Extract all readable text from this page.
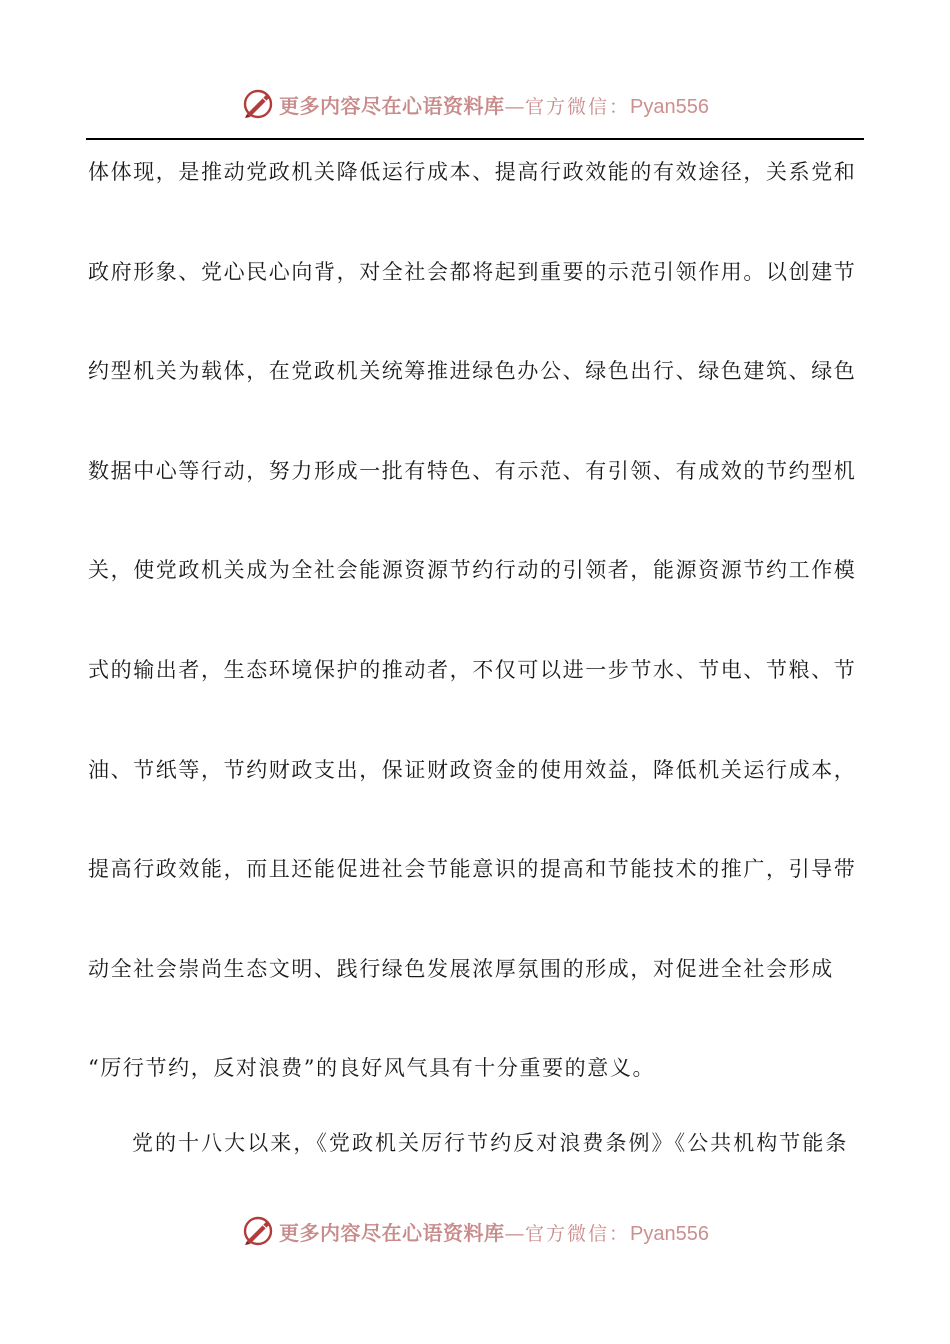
更多内容尽在心语资料库—官方微信：Pyan556
体体现，是推动党政机关降低运行成本、提高行政效能的有效途径，关系党和
政府形象、党心民心向背，对全社会都将起到重要的示范引领作用。以创建节
约型机关为载体，在党政机关统筹推进绿色办公、绿色出行、绿色建筑、绿色
数据中心等行动，努力形成一批有特色、有示范、有引领、有成效的节约型机
关，使党政机关成为全社会能源资源节约行动的引领者，能源资源节约工作模
式的输出者，生态环境保护的推动者，不仅可以进一步节水、节电、节粮、节
油、节纸等，节约财政支出，保证财政资金的使用效益，降低机关运行成本，
提高行政效能，而且还能促进社会节能意识的提高和节能技术的推广，引导带
动全社会崇尚生态文明、践行绿色发展浓厚氛围的形成，对促进全社会形成
“厉行节约，反对浪费”的良好风气具有十分重要的意义。
党的十八大以来，《党政机关厉行节约反对浪费条例》《公共机构节能条
更多内容尽在心语资料库—官方微信：Pyan556
